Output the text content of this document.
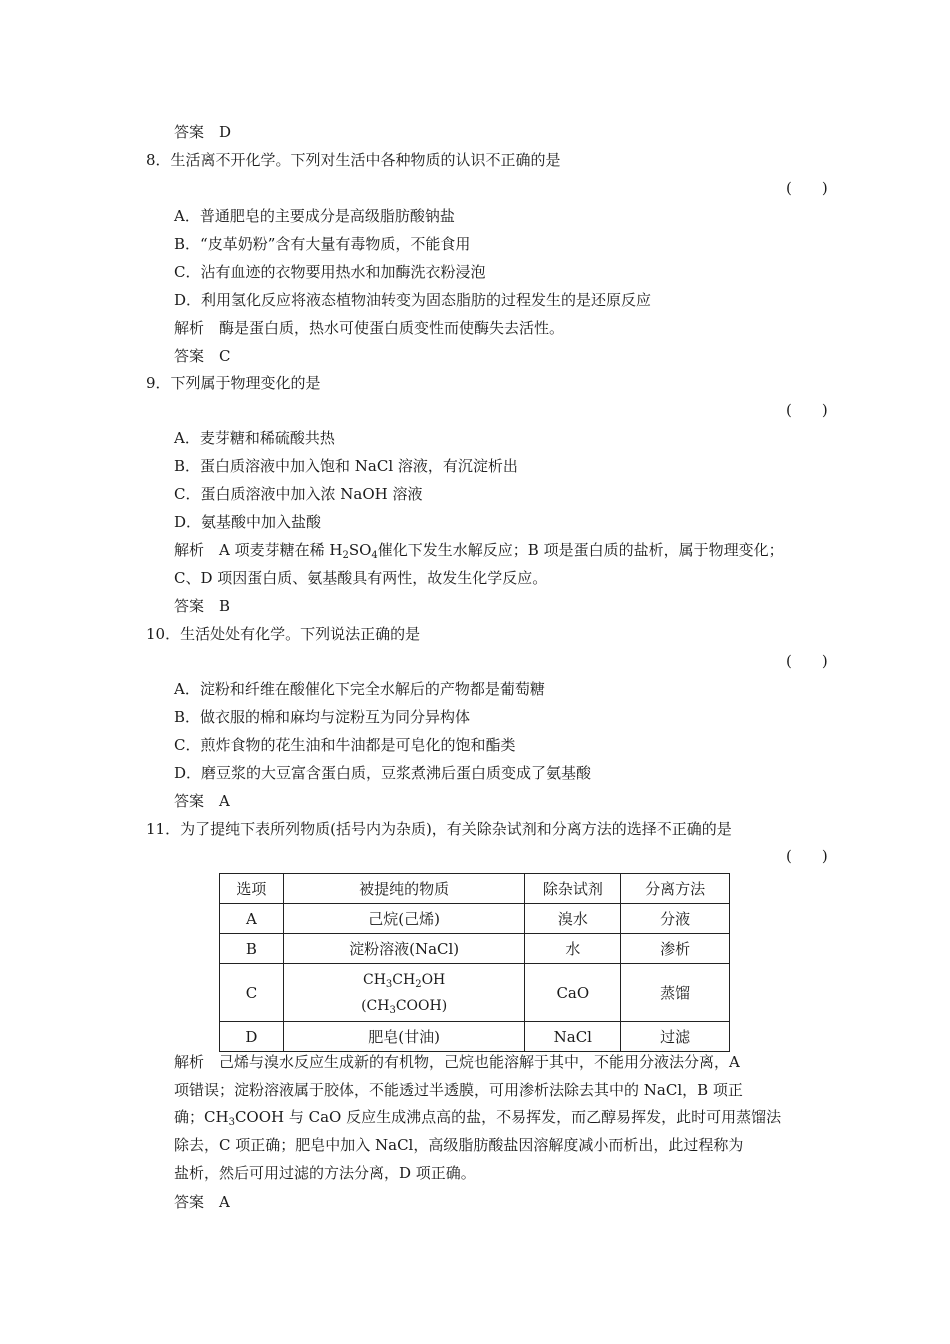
答案　D
8．生活离不开化学。下列对生活中各种物质的认识不正确的是
(　　)
A．普通肥皂的主要成分是高级脂肪酸钠盐
B．“皮革奶粉”含有大量有毒物质，不能食用
C．沾有血迹的衣物要用热水和加酶洗衣粉浸泡
D．利用氢化反应将液态植物油转变为固态脂肪的过程发生的是还原反应
解析　酶是蛋白质，热水可使蛋白质变性而使酶失去活性。
答案　C
9．下列属于物理变化的是
(　　)
A．麦芽糖和稀硫酸共热
B．蛋白质溶液中加入饱和 NaCl 溶液，有沉淀析出
C．蛋白质溶液中加入浓 NaOH 溶液
D．氨基酸中加入盐酸
解析　A 项麦芽糖在稀 $H_2SO_4$催化下发生水解反应；B 项是蛋白质的盐析，属于物理变化；
C、D 项因蛋白质、氨基酸具有两性，故发生化学反应。
答案　B
10．生活处处有化学。下列说法正确的是
(　　)
A．淀粉和纤维在酸催化下完全水解后的产物都是葡萄糖
B．做衣服的棉和麻均与淀粉互为同分异构体
C．煎炸食物的花生油和牛油都是可皂化的饱和酯类
D．磨豆浆的大豆富含蛋白质，豆浆煮沸后蛋白质变成了氨基酸
答案　A
11．为了提纯下表所列物质(括号内为杂质)，有关除杂试剂和分离方法的选择不正确的是
(　　)
选项	被提纯的物质	除杂试剂	分离方法
A	己烷(己烯)	溴水	分液
B	淀粉溶液(NaCl)	水	渗析
C	$CH_3CH_2OH$
$(CH_3COOH)$	CaO	蒸馏
D	肥皂(甘油)	NaCl	过滤
解析　己烯与溴水反应生成新的有机物，己烷也能溶解于其中，不能用分液法分离，A
项错误；淀粉溶液属于胶体，不能透过半透膜，可用渗析法除去其中的 NaCl，B 项正
确；$CH_3COOH$ 与 CaO 反应生成沸点高的盐，不易挥发，而乙醇易挥发，此时可用蒸馏法
除去，C 项正确；肥皂中加入 NaCl，高级脂肪酸盐因溶解度减小而析出，此过程称为
盐析，然后可用过滤的方法分离，D 项正确。
答案　A
